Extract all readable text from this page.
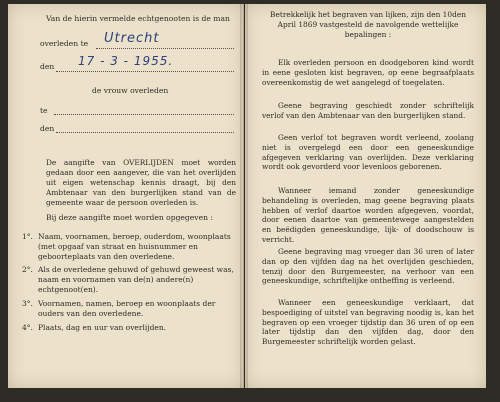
Van de hierin vermelde echtgenooten is de man
overleden te Utrecht
den 17 - 3 - 1955.
de vrouw overleden
te
den
De aangifte van OVERLIJDEN moet worden gedaan door een aangever, die van het overlijden uit eigen wetenschap kennis draagt, bij den Ambtenaar van den burgerlijken stand van de gemeente waar de persoon overleden is.
Bij deze aangifte moet worden opgegeven :
1°. Naam, voornamen, beroep, ouderdom, woonplaats (met opgaaf van straat en huisnummer en geboorteplaats van den overledene.
2°. Als de overledene gehuwd of gehuwd geweest was, naam en voornamen van de(n) andere(n) echtgenoot(en).
3°. Voornamen, namen, beroep en woonplaats der ouders van den overledene.
4°. Plaats, dag en uur van overlijden.
Betrekkelijk het begraven van lijken, zijn den 10den April 1869 vastgesteld de navolgende wettelijke bepalingen :
Elk overleden persoon en doodgeboren kind wordt in eene gesloten kist begraven, op eene begraafplaats overeenkomstig de wet aangelegd of toegelaten.
Geene begraving geschiedt zonder schriftelijk verlof van den Ambtenaar van den burgerlijken stand.
Geen verlof tot begraven wordt verleend, zoolang niet is overgelegd een door een geneeskundige afgegeven verklaring van overlijden. Deze verklaring wordt ook gevorderd voor levenloos geborenen.
Wanneer iemand zonder geneeskundige behandeling is overleden, mag geene begraving plaats hebben of verlof daartoe worden afgegeven, voordat, door eenen daartoe van gemeentewege aangestelden en beëdigden geneeskundige, lijk- of doodschouw is verricht.
Geene begraving mag vroeger dan 36 uren of later dan op den vijfden dag na het overlijden geschieden, tenzij door den Burgemeester, na verhoor van een geneeskundige, schriftelijke ontheffing is verleend.
Wanneer een geneeskundige verklaart, dat bespoediging of uitstel van begraving noodig is, kan het begraven op een vroeger tijdstip dan 36 uren of op een later tijdstip dan den vijfden dag, door den Burgemeester schriftelijk worden gelast.
